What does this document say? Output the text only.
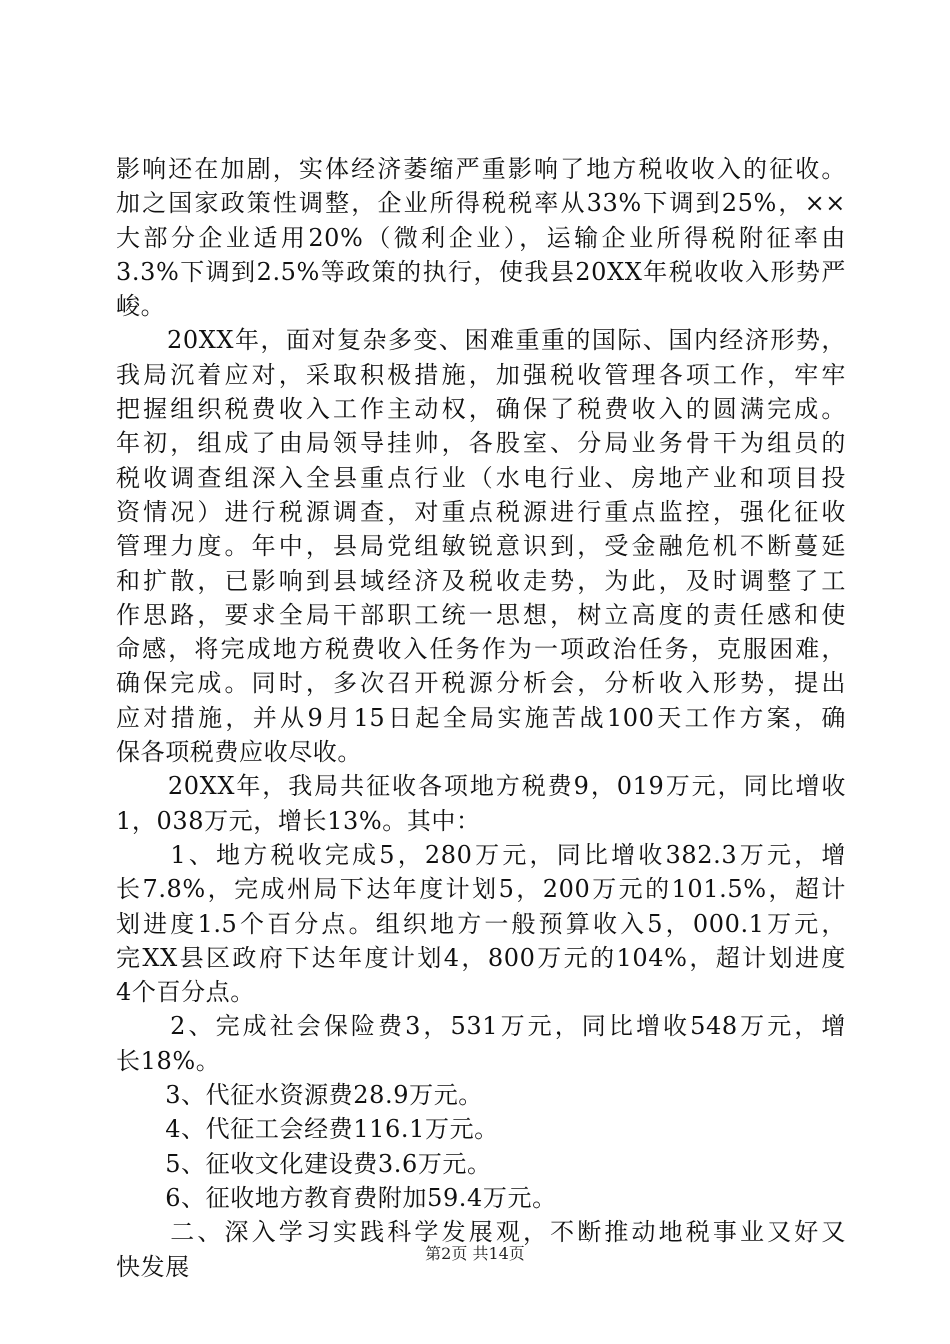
影响还在加剧，实体经济萎缩严重影响了地方税收收入的征收。
加之国家政策性调整，企业所得税税率从33%下调到25%，××
大部分企业适用20%（微利企业），运输企业所得税附征率由
3.3%下调到2.5%等政策的执行，使我县20XX年税收收入形势严
峻。
　　20XX年，面对复杂多变、困难重重的国际、国内经济形势，
我局沉着应对，采取积极措施，加强税收管理各项工作，牢牢
把握组织税费收入工作主动权，确保了税费收入的圆满完成。
年初，组成了由局领导挂帅，各股室、分局业务骨干为组员的
税收调查组深入全县重点行业（水电行业、房地产业和项目投
资情况）进行税源调查，对重点税源进行重点监控，强化征收
管理力度。年中，县局党组敏锐意识到，受金融危机不断蔓延
和扩散，已影响到县域经济及税收走势，为此，及时调整了工
作思路，要求全局干部职工统一思想，树立高度的责任感和使
命感，将完成地方税费收入任务作为一项政治任务，克服困难，
确保完成。同时，多次召开税源分析会，分析收入形势，提出
应对措施，并从9月15日起全局实施苦战100天工作方案，确
保各项税费应收尽收。
　　20XX年，我局共征收各项地方税费9，019万元，同比增收
1，038万元，增长13%。其中：
　　1、地方税收完成5，280万元，同比增收382.3万元，增
长7.8%，完成州局下达年度计划5，200万元的101.5%，超计
划进度1.5个百分点。组织地方一般预算收入5，000.1万元，
完XX县区政府下达年度计划4，800万元的104%，超计划进度
4个百分点。
　　2、完成社会保险费3，531万元，同比增收548万元，增
长18%。
　　3、代征水资源费28.9万元。
　　4、代征工会经费116.1万元。
　　5、征收文化建设费3.6万元。
　　6、征收地方教育费附加59.4万元。
　　二、深入学习实践科学发展观，不断推动地税事业又好又
快发展	第2页 共14页
